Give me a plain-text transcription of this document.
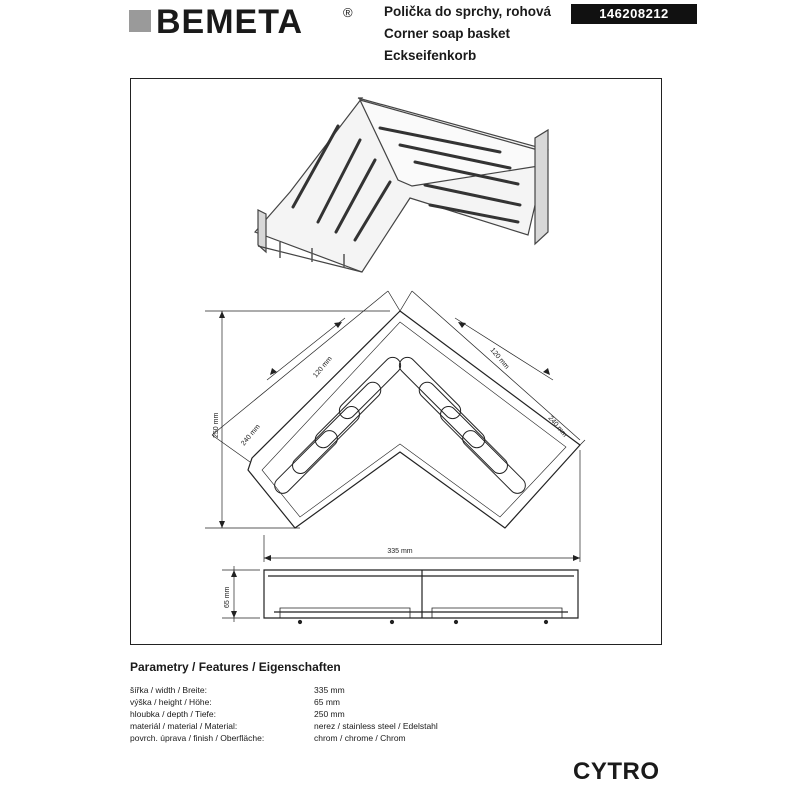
BEMETA	® Polička do sprchy, rohová
Corner soap basket
Eckseifenkorb
146208212
120 mm	120 mm
240 mm	240 mm
250 mm
335 mm
65 mm
Parametry / Features / Eigenschaften
šířka / width / Breite:	335 mm
výška / height / Höhe:	65 mm
hloubka / depth / Tiefe:	250 mm
materiál / material / Material:	nerez / stainless steel / Edelstahl
povrch. úprava / finish / Oberfläche:	chrom / chrome / Chrom
CYTRO
